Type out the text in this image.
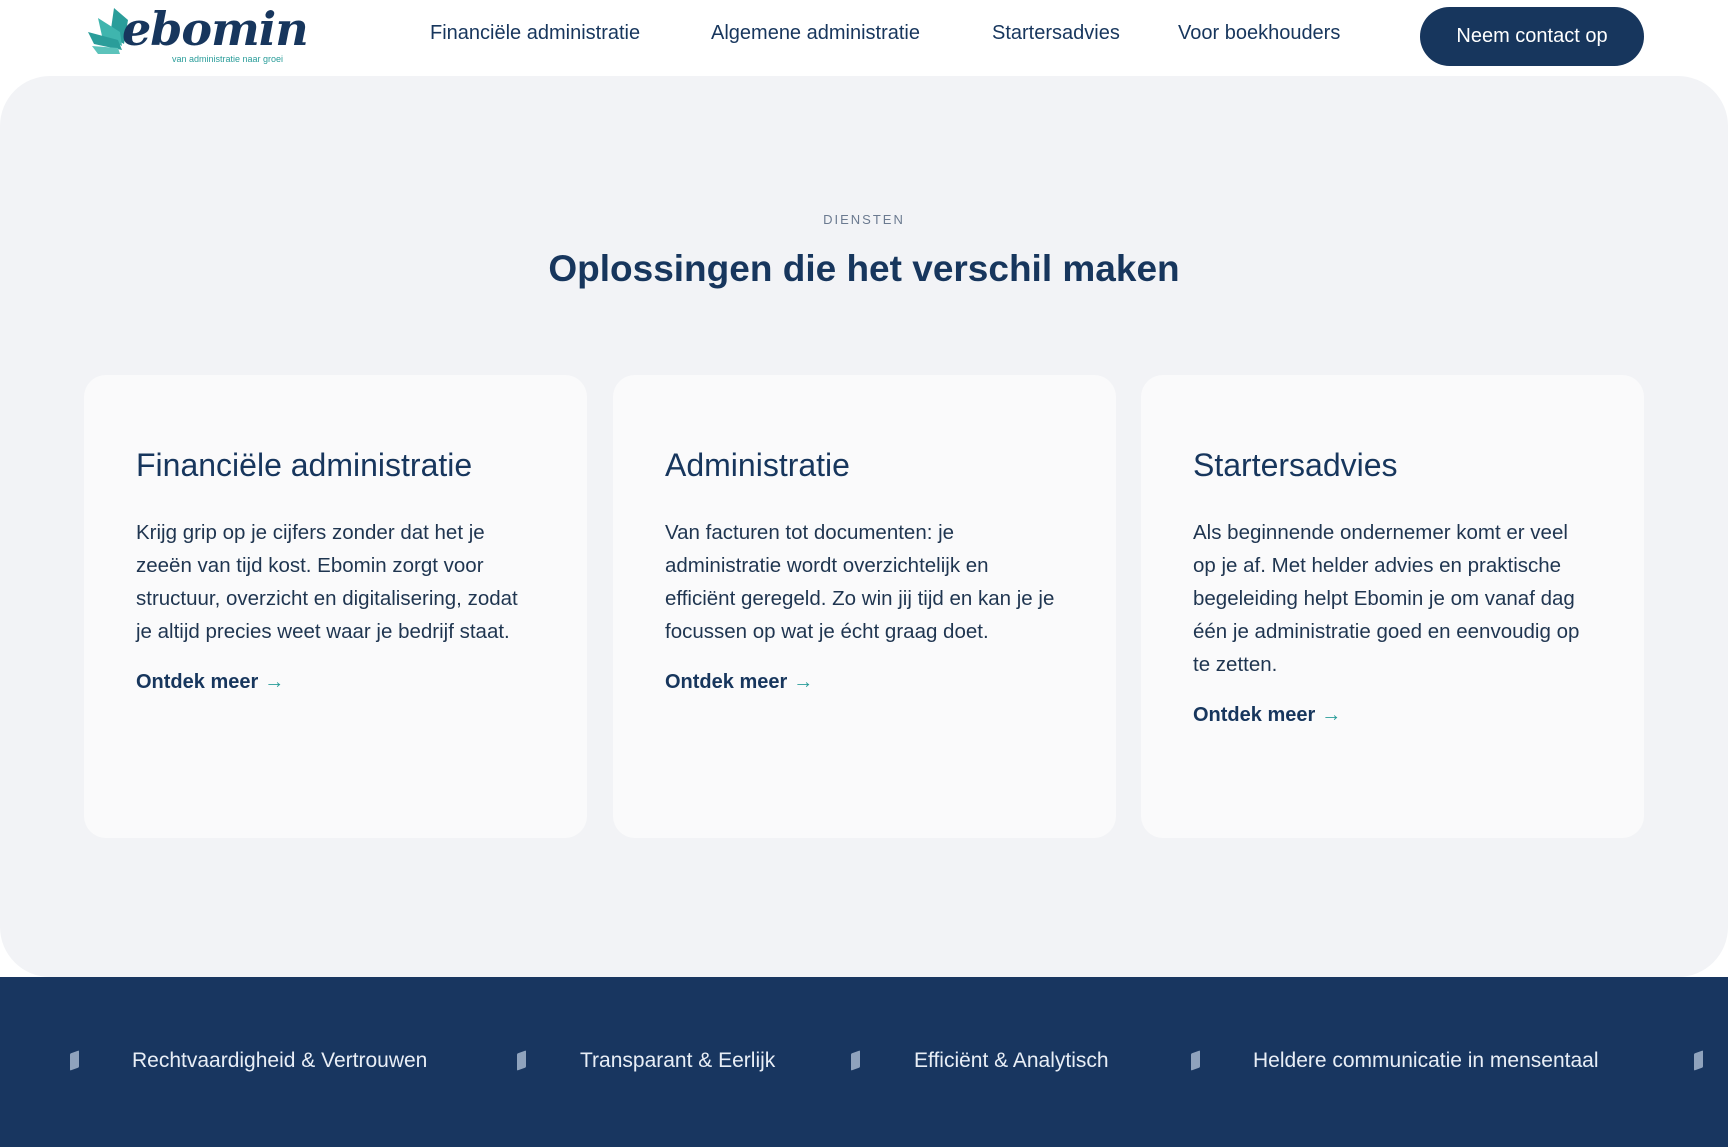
ebomin
van administratie naar groei
Financiële administratie	Algemene administratie	Startersadvies	Voor boekhouders	Neem contact op
DIENSTEN
Oplossingen die het verschil maken
Financiële administratie

Krijg grip op je cijfers zonder dat het je zeeën van tijd kost. Ebomin zorgt voor structuur, overzicht en digitalisering, zodat je altijd precies weet waar je bedrijf staat.

Ontdek meer →
Administratie

Van facturen tot documenten: je administratie wordt overzichtelijk en efficiënt geregeld. Zo win jij tijd en kan je je focussen op wat je écht graag doet.

Ontdek meer →
Startersadvies

Als beginnende ondernemer komt er veel op je af. Met helder advies en praktische begeleiding helpt Ebomin je om vanaf dag één je administratie goed en eenvoudig op te zetten.

Ontdek meer →
Rechtvaardigheid & Vertrouwen	Transparant & Eerlijk	Efficiënt & Analytisch	Heldere communicatie in mensentaal
